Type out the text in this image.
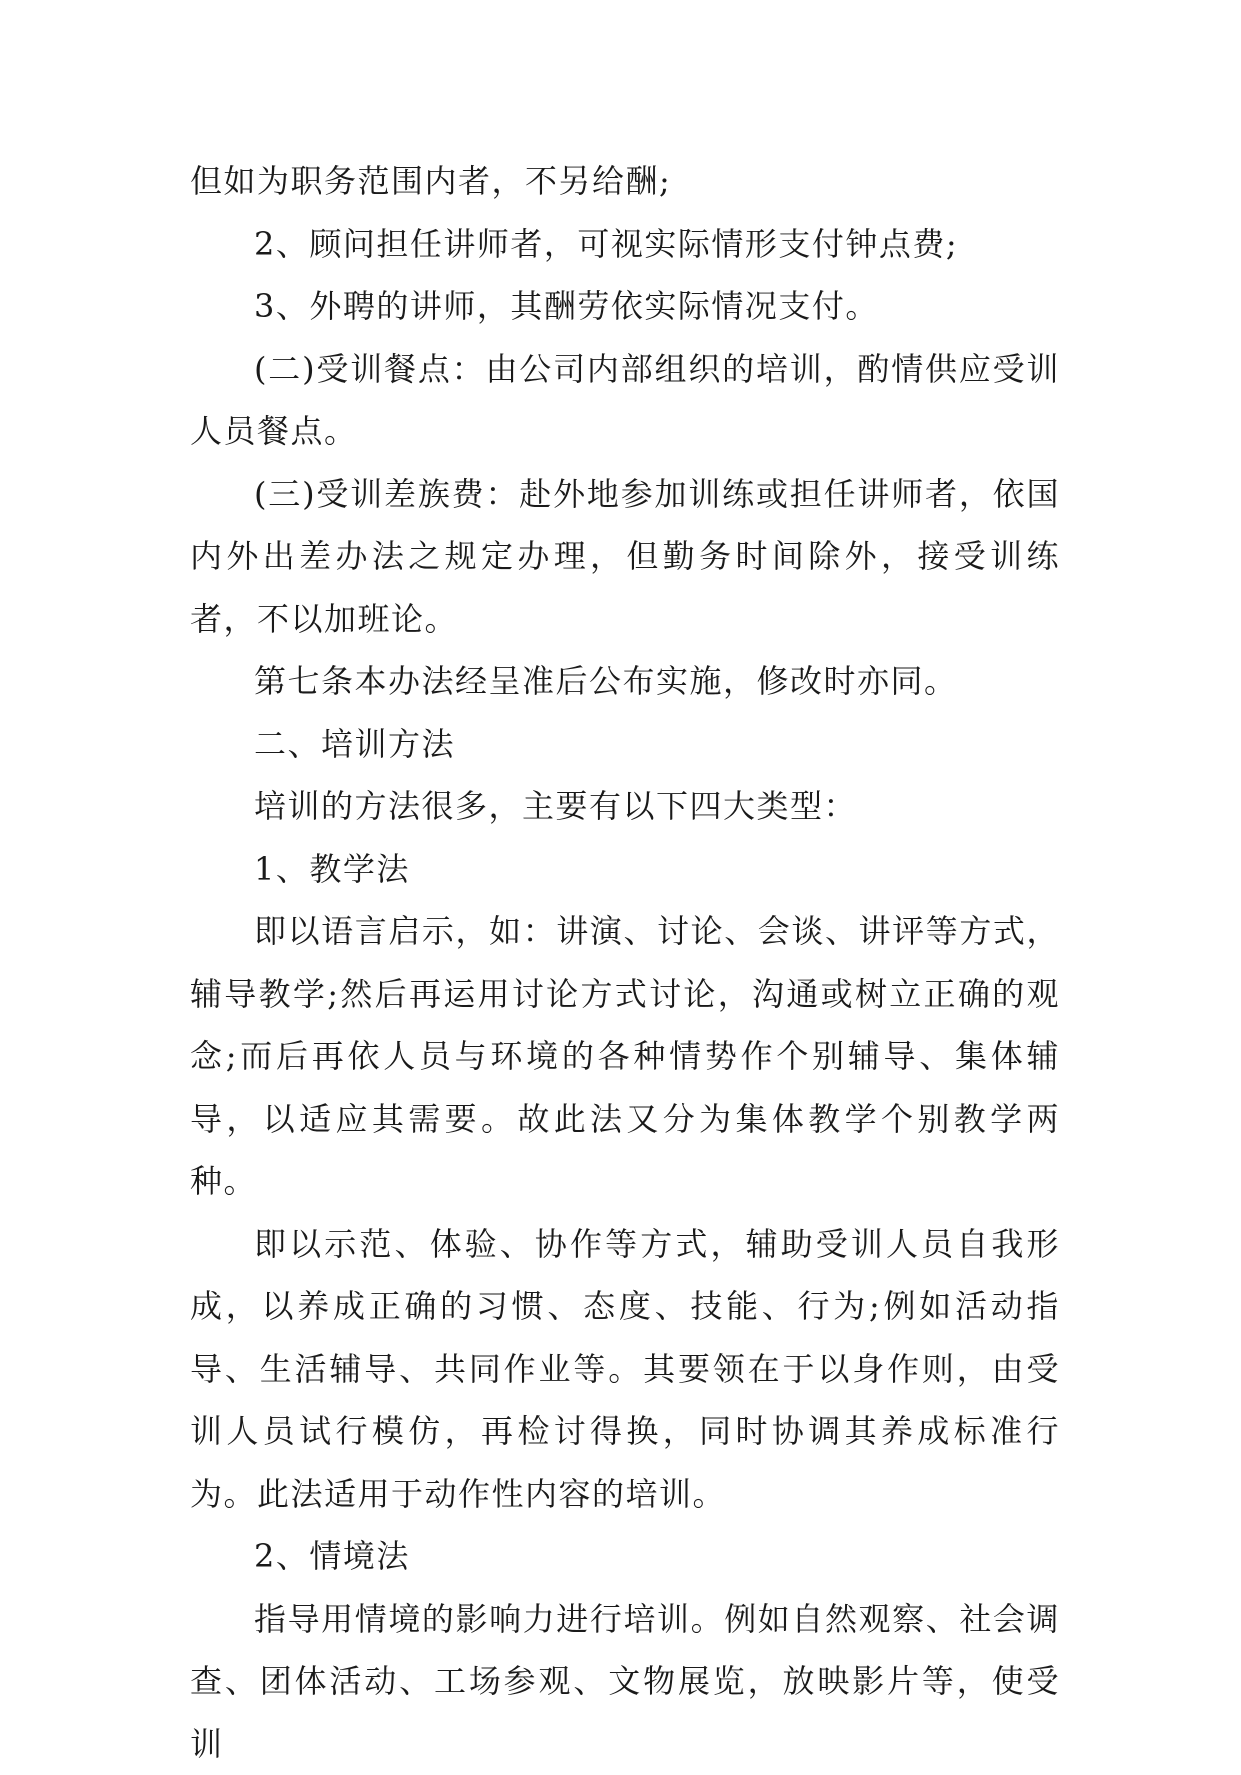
但如为职务范围内者，不另给酬;

2、顾问担任讲师者，可视实际情形支付钟点费;

3、外聘的讲师，其酬劳依实际情况支付。

(二)受训餐点：由公司内部组织的培训，酌情供应受训人员餐点。

(三)受训差族费：赴外地参加训练或担任讲师者，依国内外出差办法之规定办理，但勤务时间除外，接受训练者，不以加班论。

第七条本办法经呈准后公布实施，修改时亦同。

二、培训方法

培训的方法很多，主要有以下四大类型：

1、教学法

即以语言启示，如：讲演、讨论、会谈、讲评等方式，辅导教学;然后再运用讨论方式讨论，沟通或树立正确的观念;而后再依人员与环境的各种情势作个别辅导、集体辅导，以适应其需要。故此法又分为集体教学个别教学两种。

即以示范、体验、协作等方式，辅助受训人员自我形成，以养成正确的习惯、态度、技能、行为;例如活动指导、生活辅导、共同作业等。其要领在于以身作则，由受训人员试行模仿，再检讨得换，同时协调其养成标准行为。此法适用于动作性内容的培训。

2、情境法

指导用情境的影响力进行培训。例如自然观察、社会调查、团体活动、工场参观、文物展览，放映影片等，使受训
